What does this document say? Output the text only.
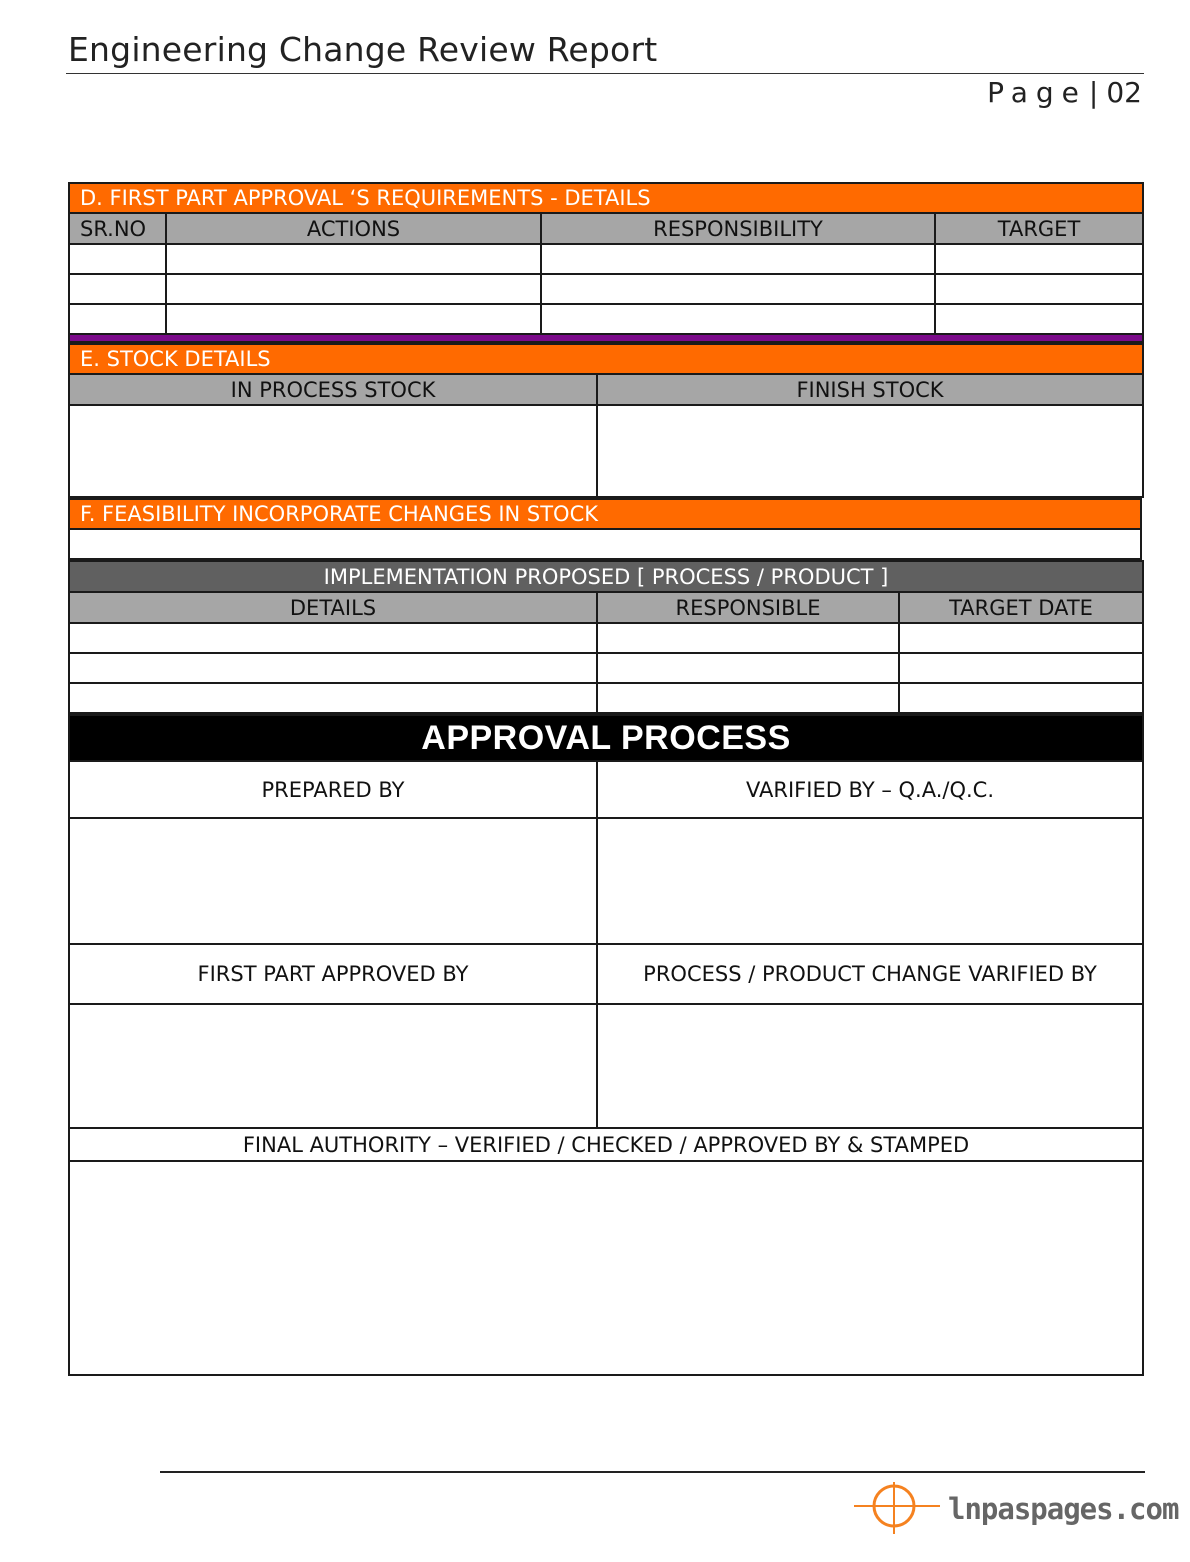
Engineering Change Review Report
Page| 02
D. FIRST PART APPROVAL ‘S REQUIREMENTS - DETAILS			
SR.NO	ACTIONS	RESPONSIBILITY	TARGET

E. STOCK DETAILS	
IN PROCESS STOCK	FINISH STOCK

F. FEASIBILITY INCORPORATE CHANGES IN STOCK

IMPLEMENTATION PROPOSED [ PROCESS / PRODUCT ]		
DETAILS	RESPONSIBLE	TARGET DATE

APPROVAL PROCESS	
PREPARED BY	VARIFIED BY – Q.A./Q.C.

FIRST PART APPROVED BY	PROCESS / PRODUCT CHANGE VARIFIED BY

FINAL AUTHORITY – VERIFIED / CHECKED / APPROVED BY & STAMPED	

lnpaspages.com
